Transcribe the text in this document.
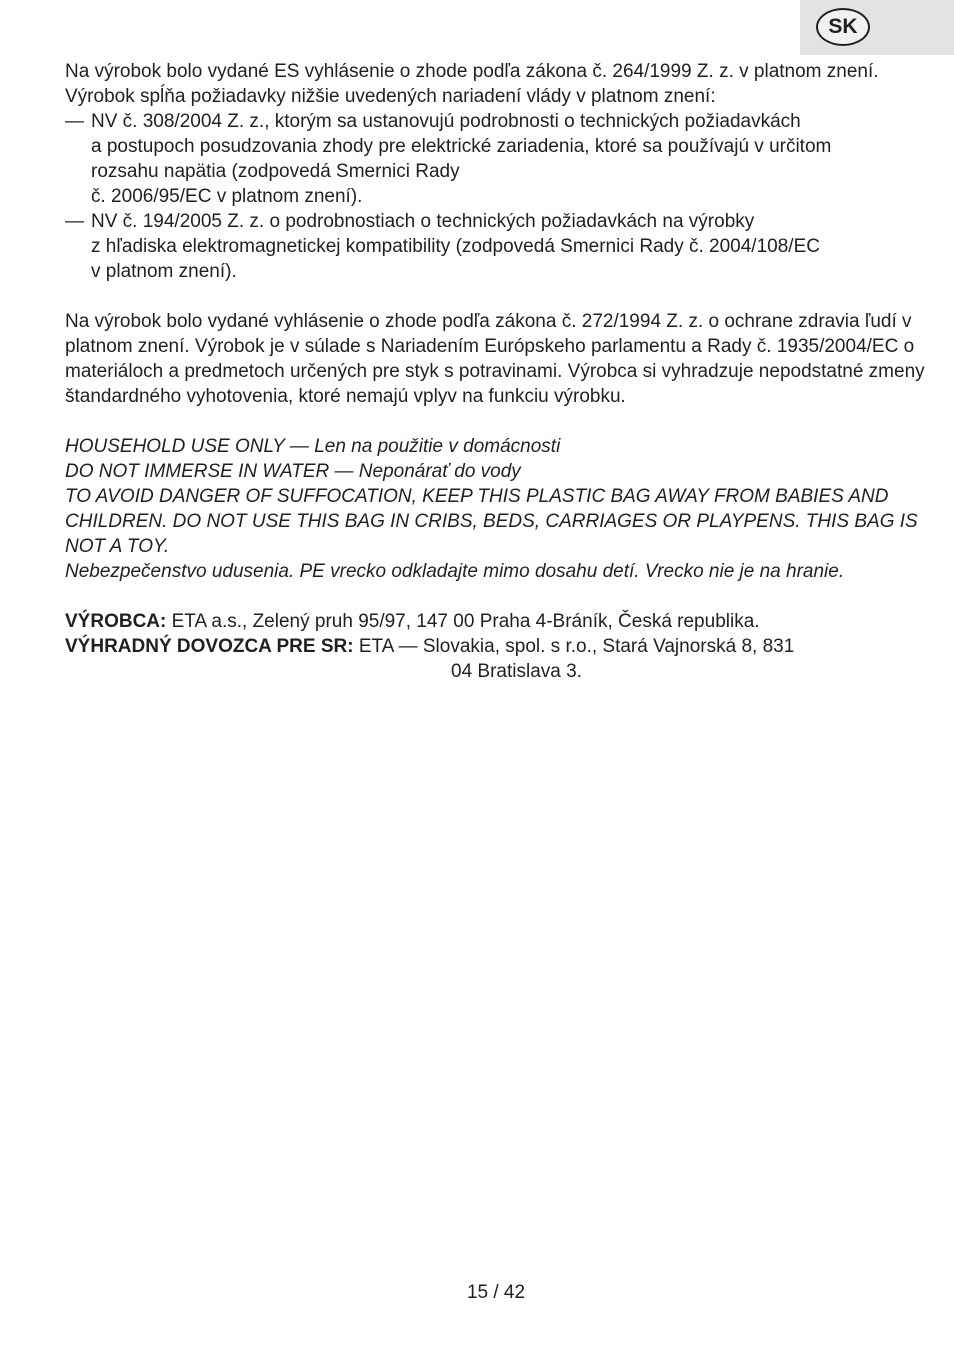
SK

Na výrobok bolo vydané ES vyhlásenie o zhode podľa zákona č. 264/1999 Z. z. v platnom znení. Výrobok spĺňa požiadavky nižšie uvedených nariadení vlády v platnom znení:

— NV č. 308/2004 Z. z., ktorým sa ustanovujú podrobnosti o technických požiadavkách
a postupoch posudzovania zhody pre elektrické zariadenia, ktoré sa používajú v určitom
rozsahu napätia (zodpovedá Smernici Rady
č. 2006/95/EC v platnom znení).
— NV č. 194/2005 Z. z. o podrobnostiach o technických požiadavkách na výrobky
z hľadiska elektromagnetickej kompatibility (zodpovedá Smernici Rady č. 2004/108/EC
v platnom znení).

Na výrobok bolo vydané vyhlásenie o zhode podľa zákona č. 272/1994 Z. z. o ochrane zdravia ľudí v platnom znení. Výrobok je v súlade s Nariadením Európskeho parlamentu a Rady č. 1935/2004/EC o materiáloch a predmetoch určených pre styk s potravinami. Výrobca si vyhradzuje nepodstatné zmeny štandardného vyhotovenia, ktoré nemajú vplyv na funkciu výrobku.

HOUSEHOLD USE ONLY — Len na použitie v domácnosti

DO NOT IMMERSE IN WATER — Neponárať do vody

TO AVOID DANGER OF SUFFOCATION, KEEP THIS PLASTIC BAG AWAY FROM BABIES AND CHILDREN. DO NOT USE THIS BAG IN CRIBS, BEDS, CARRIAGES OR PLAYPENS. THIS BAG IS NOT A TOY.

Nebezpečenstvo udusenia. PE vrecko odkladajte mimo dosahu detí. Vrecko nie je na hranie.

VÝROBCA: ETA a.s., Zelený pruh 95/97, 147 00 Praha 4-Bráník, Česká republika.

VÝHRADNÝ DOVOZCA PRE SR: ETA — Slovakia, spol. s r.o., Stará Vajnorská 8, 831

04 Bratislava 3.

15 / 42
